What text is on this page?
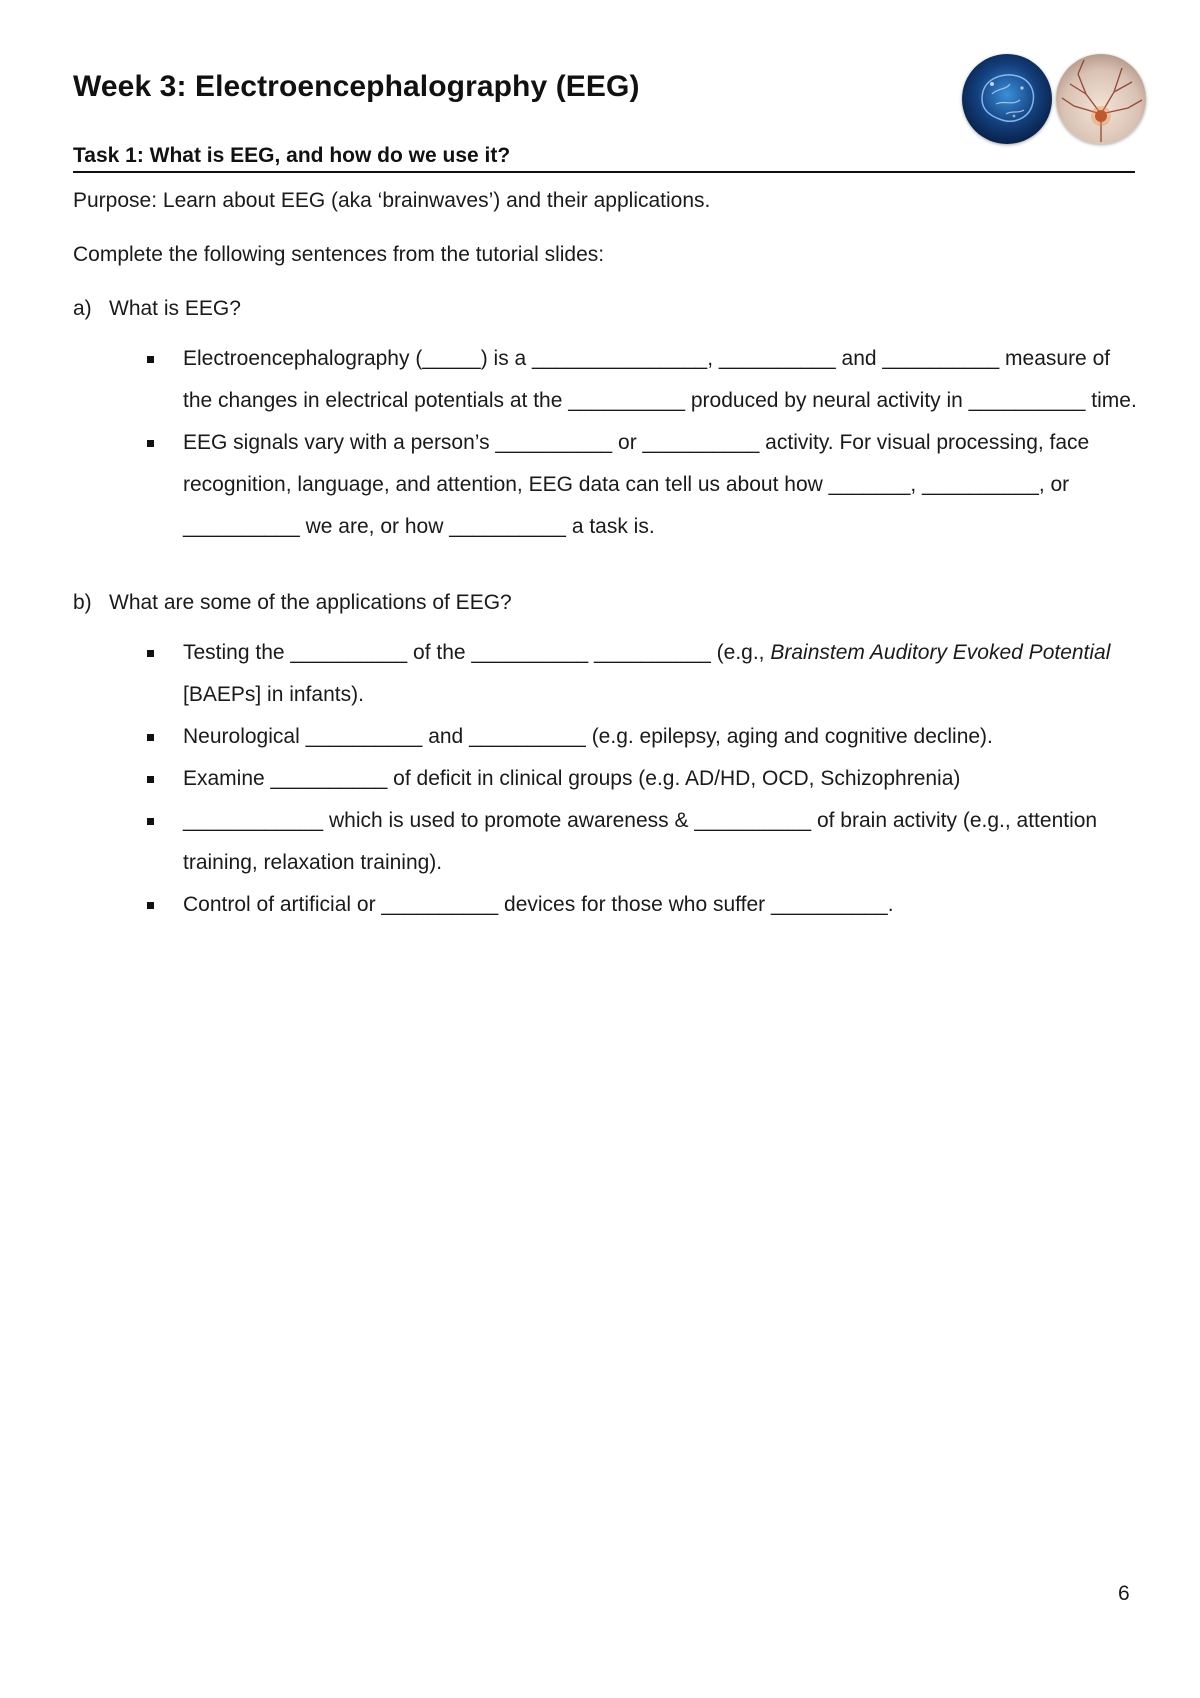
Week 3: Electroencephalography (EEG)
Task 1: What is EEG, and how do we use it?
Purpose: Learn about EEG (aka ‘brainwaves’) and their applications.
Complete the following sentences from the tutorial slides:
a) What is EEG?
Electroencephalography (_____) is a _______________, __________ and __________ measure of the changes in electrical potentials at the __________ produced by neural activity in __________ time.
EEG signals vary with a person’s __________ or __________ activity. For visual processing, face recognition, language, and attention, EEG data can tell us about how _______, __________, or __________ we are, or how __________ a task is.
b) What are some of the applications of EEG?
Testing the __________ of the __________ __________ (e.g., Brainstem Auditory Evoked Potential [BAEPs] in infants).
Neurological __________ and __________ (e.g. epilepsy, aging and cognitive decline).
Examine __________ of deficit in clinical groups (e.g. AD/HD, OCD, Schizophrenia)
____________ which is used to promote awareness & __________ of brain activity (e.g., attention training, relaxation training).
Control of artificial or __________ devices for those who suffer __________.
6
